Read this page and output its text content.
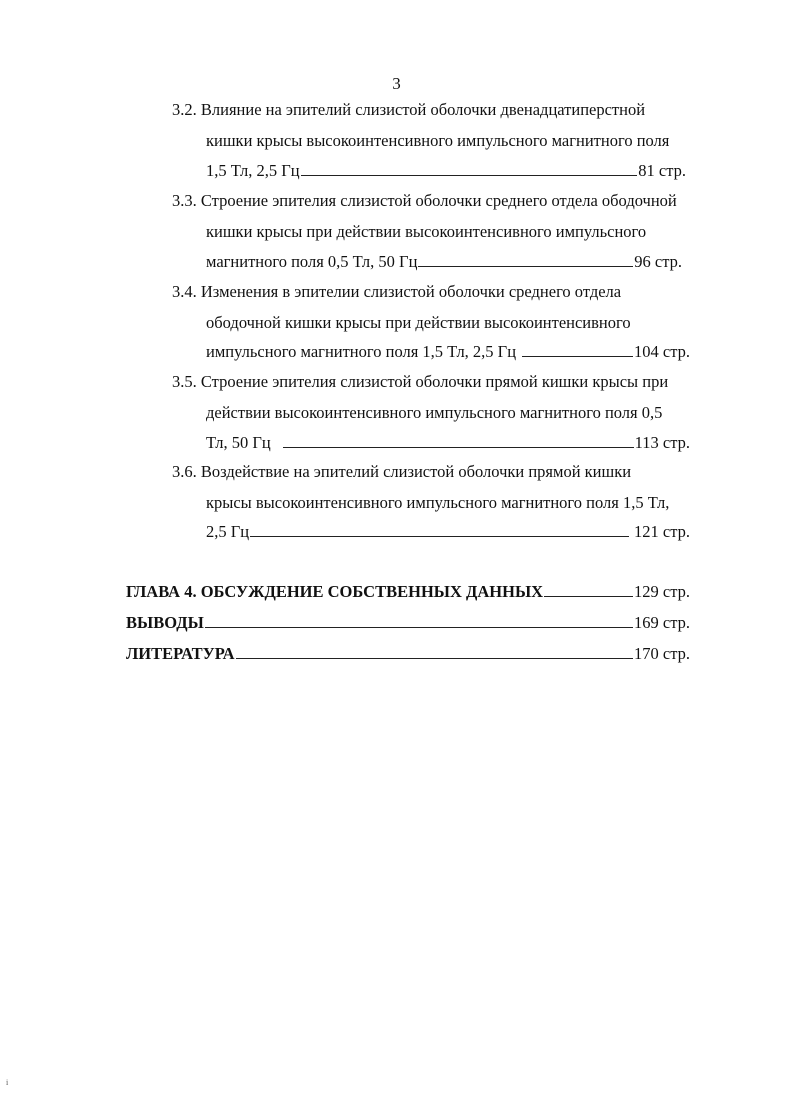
3
3.2. Влияние на эпителий слизистой оболочки двенадцатиперстной
кишки крысы высокоинтенсивного импульсного магнитного поля
1,5 Тл, 2,5 Гц	81 стр.
3.3. Строение эпителия слизистой оболочки среднего отдела ободочной
кишки крысы при действии высокоинтенсивного импульсного
магнитного поля 0,5 Тл, 50 Гц	96 стр.
3.4. Изменения в эпителии слизистой оболочки среднего отдела
ободочной кишки крысы при действии высокоинтенсивного
импульсного магнитного поля 1,5 Тл, 2,5 Гц	104 стр.
3.5. Строение эпителия слизистой оболочки прямой кишки крысы при
действии высокоинтенсивного импульсного магнитного поля 0,5
Тл, 50 Гц	113 стр.
3.6. Воздействие на эпителий слизистой оболочки прямой кишки
крысы высокоинтенсивного импульсного магнитного поля 1,5 Тл,
2,5 Гц	121 стр.
ГЛАВА 4. ОБСУЖДЕНИЕ СОБСТВЕННЫХ ДАННЫХ	129 стр.
ВЫВОДЫ	169 стр.
ЛИТЕРАТУРА	170 стр.
i
